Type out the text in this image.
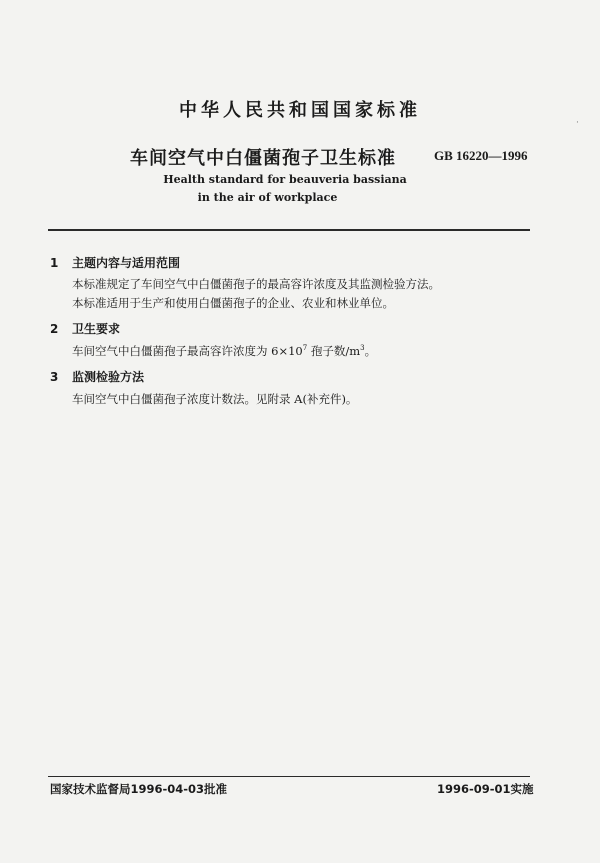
·
中华人民共和国国家标准
车间空气中白僵菌孢子卫生标准	GB 16220—1996
Health standard for beauveria bassiana
in the air of workplace
1 主题内容与适用范围
本标准规定了车间空气中白僵菌孢子的最高容许浓度及其监测检验方法。
本标准适用于生产和使用白僵菌孢子的企业、农业和林业单位。
2 卫生要求
车间空气中白僵菌孢子最高容许浓度为 $6\times 10^7$ 孢子数$/m^3$。
3 监测检验方法
车间空气中白僵菌孢子浓度计数法。见附录 A(补充件)。
国家技术监督局1996-04-03批准	1996-09-01实施
